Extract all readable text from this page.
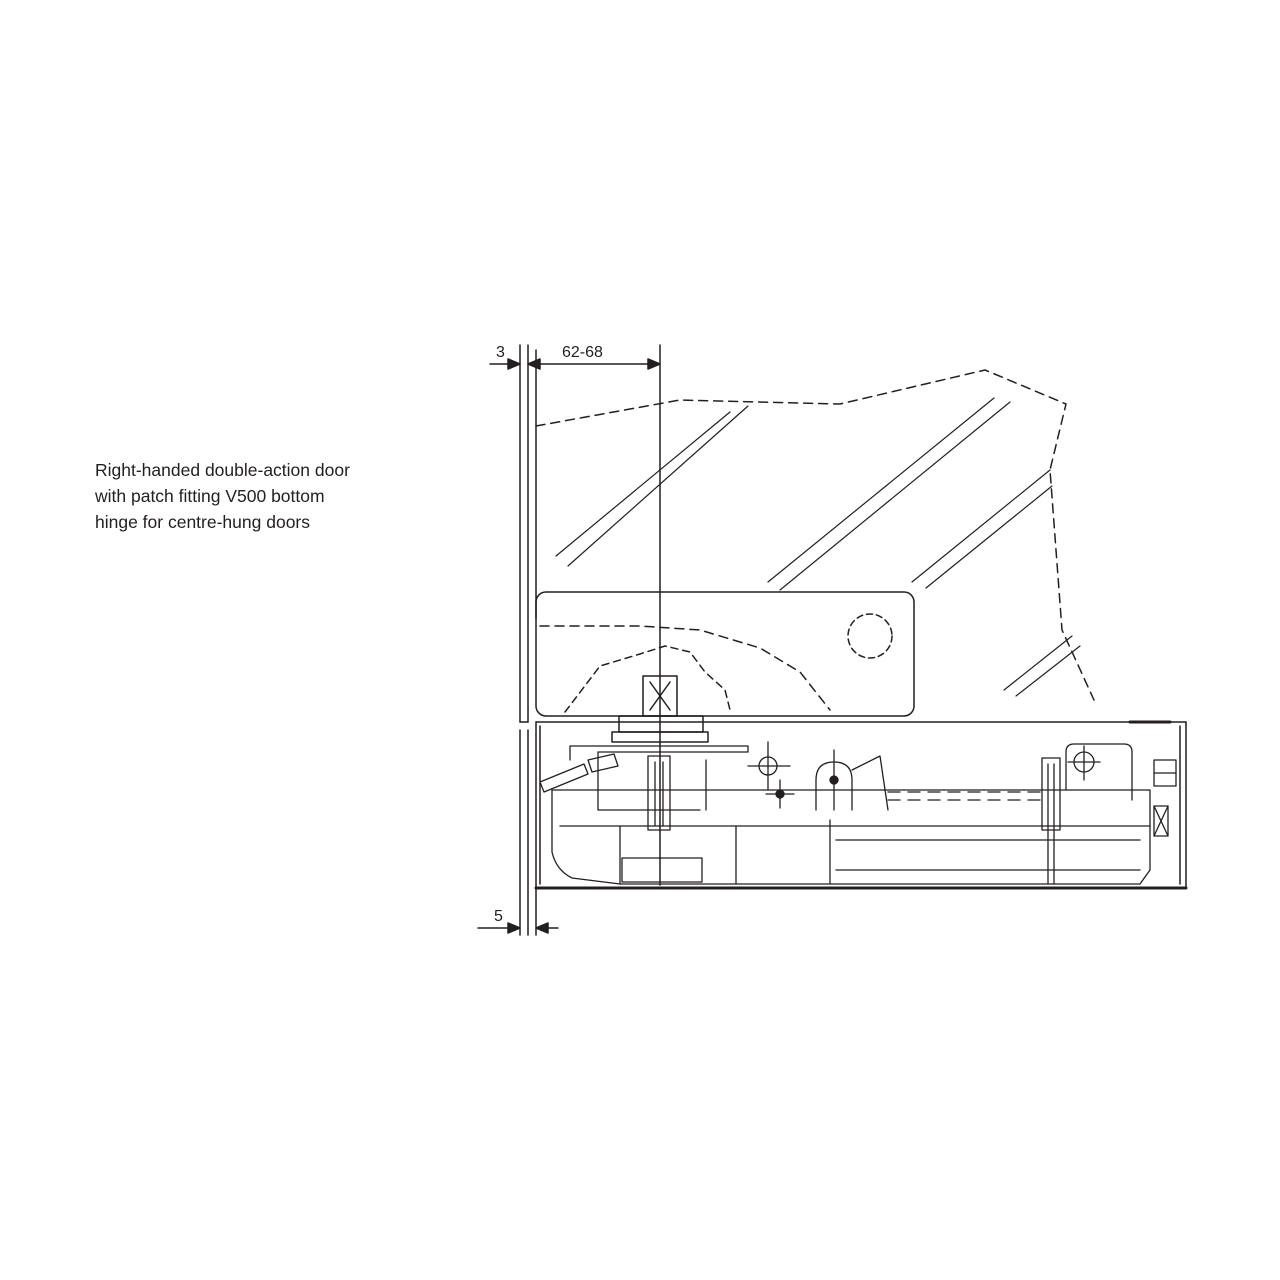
Right-handed double-action door
with patch fitting V500 bottom
hinge for centre-hung doors
3	62-68
5
